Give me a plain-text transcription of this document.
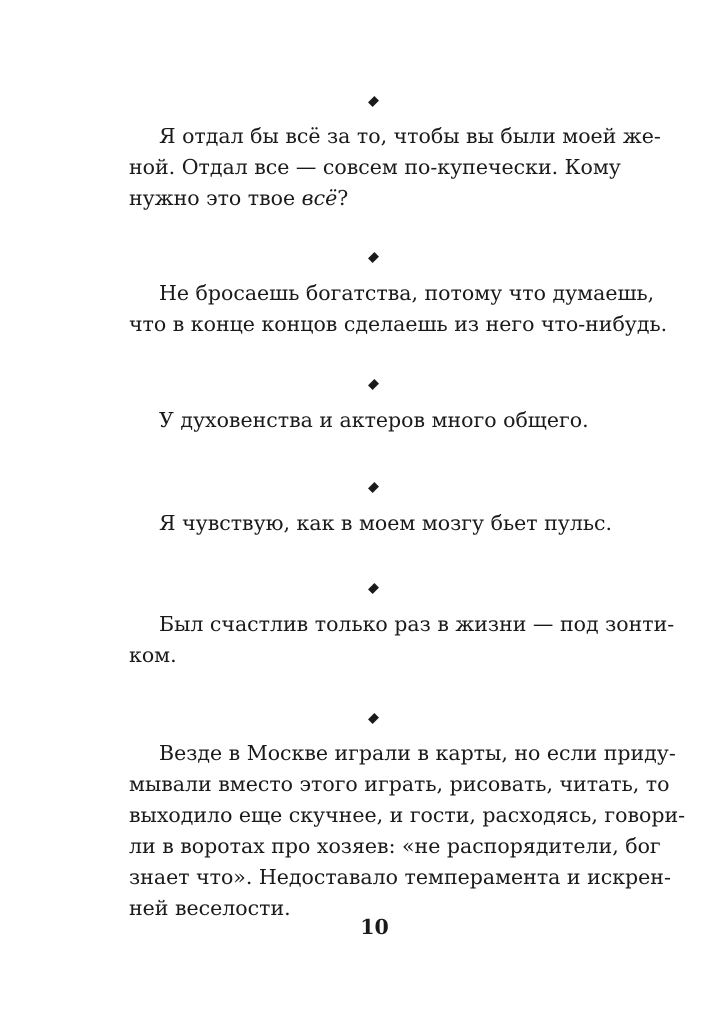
Я отдал бы всё за то, чтобы вы были моей же-
ной. Отдал все — совсем по-купечески. Кому
нужно это твое всё?

Не бросаешь богатства, потому что думаешь,
что в конце концов сделаешь из него что-нибудь.

У духовенства и актеров много общего.

Я чувствую, как в моем мозгу бьет пульс.

Был счастлив только раз в жизни — под зонти-
ком.

Везде в Москве играли в карты, но если приду-
мывали вместо этого играть, рисовать, читать, то
выходило еще скучнее, и гости, расходясь, говори-
ли в воротах про хозяев: «не распорядители, бог
знает что». Недоставало темперамента и искрен-
ней веселости.

10
